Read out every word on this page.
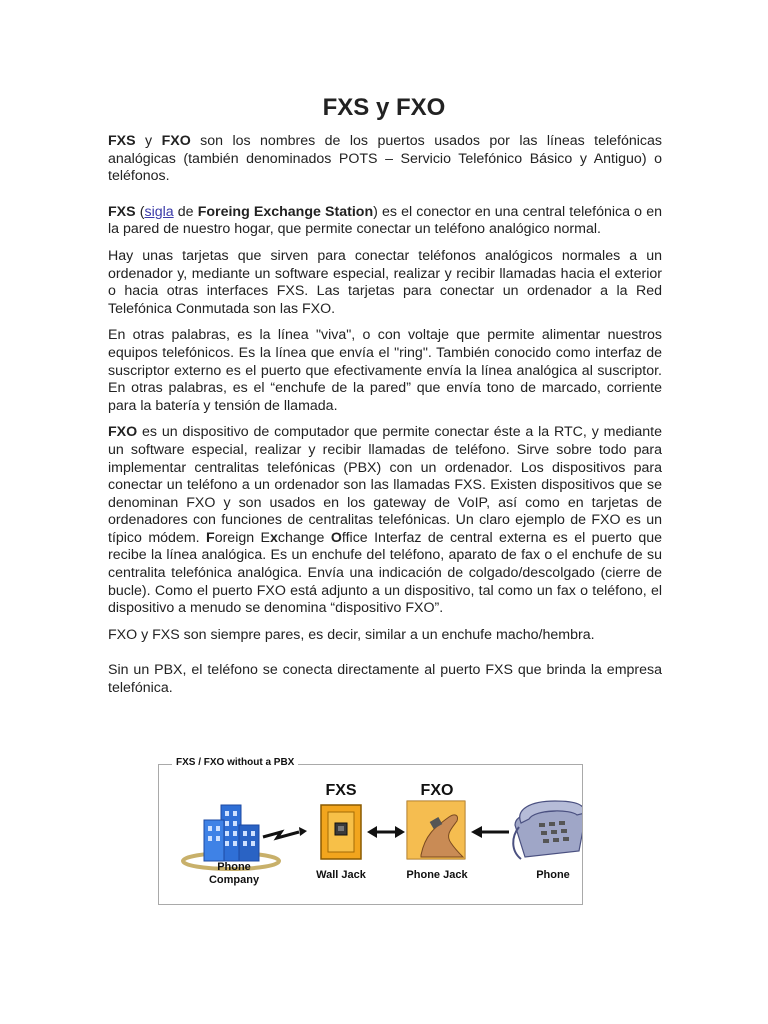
FXS y FXO

FXS y FXO son los nombres de los puertos usados por las líneas telefónicas analógicas (también denominados POTS – Servicio Telefónico Básico y Antiguo) o teléfonos.

FXS (sigla de Foreing Exchange Station) es el conector en una central telefónica o en la pared de nuestro hogar, que permite conectar un teléfono analógico normal.

Hay unas tarjetas que sirven para conectar teléfonos analógicos normales a un ordenador y, mediante un software especial, realizar y recibir llamadas hacia el exterior o hacia otras interfaces FXS. Las tarjetas para conectar un ordenador a la Red Telefónica Conmutada son las FXO.

En otras palabras, es la línea "viva", o con voltaje que permite alimentar nuestros equipos telefónicos. Es la línea que envía el "ring". También conocido como interfaz de suscriptor externo es el puerto que efectivamente envía la línea analógica al suscriptor. En otras palabras, es el “enchufe de la pared” que envía tono de marcado, corriente para la batería y tensión de llamada.

FXO es un dispositivo de computador que permite conectar éste a la RTC, y mediante un software especial, realizar y recibir llamadas de teléfono. Sirve sobre todo para implementar centralitas telefónicas (PBX) con un ordenador. Los dispositivos para conectar un teléfono a un ordenador son las llamadas FXS. Existen dispositivos que se denominan FXO y son usados en los gateway de VoIP, así como en tarjetas de ordenadores con funciones de centralitas telefónicas. Un claro ejemplo de FXO es un típico módem. Foreign Exchange Office Interfaz de central externa es el puerto que recibe la línea analógica. Es un enchufe del teléfono, aparato de fax o el enchufe de su centralita telefónica analógica. Envía una indicación de colgado/descolgado (cierre de bucle). Como el puerto FXO está adjunto a un dispositivo, tal como un fax o teléfono, el dispositivo a menudo se denomina “dispositivo FXO”.

FXO y FXS son siempre pares, es decir, similar a un enchufe macho/hembra.

Sin un PBX, el teléfono se conecta directamente al puerto FXS que brinda la empresa telefónica.

FXS / FXO without a PBX
FXS	FXO
Phone
Company	Wall Jack	Phone Jack	Phone
